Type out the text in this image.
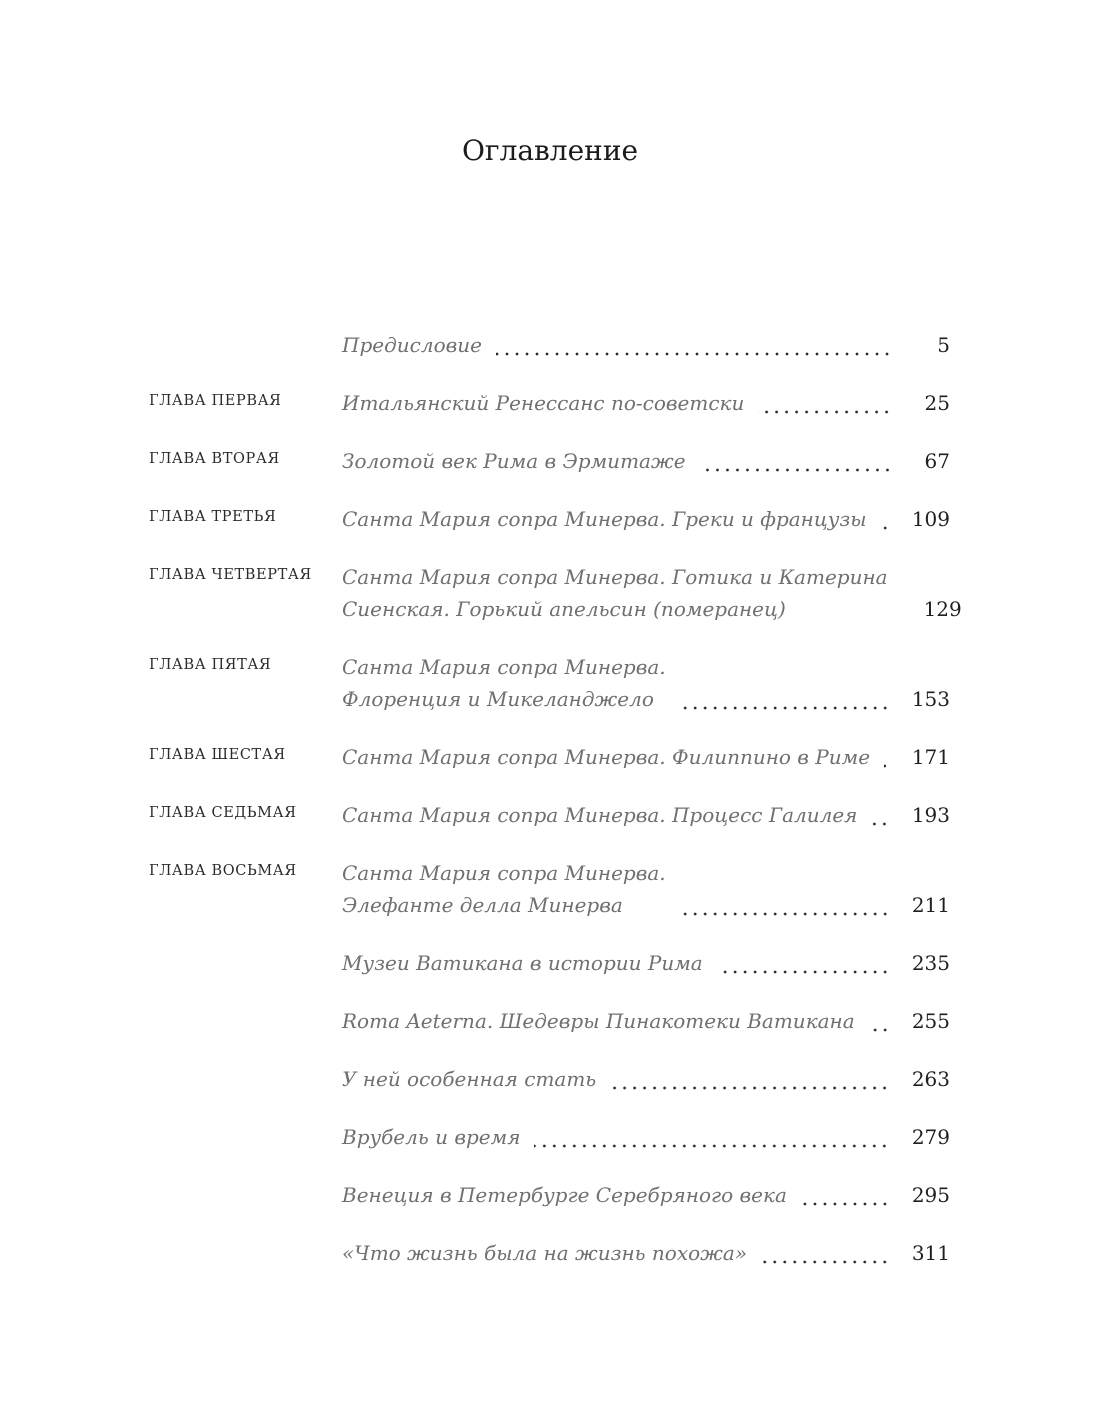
Оглавление
Предисловие	5
ГЛАВА ПЕРВАЯ	Итальянский Ренессанс по-советски	25
ГЛАВА ВТОРАЯ	Золотой век Рима в Эрмитаже	67
ГЛАВА ТРЕТЬЯ	Санта Мария сопра Минерва. Греки и французы 109
ГЛАВА ЧЕТВЕРТАЯ Санта Мария сопра Минерва. Готика и Катерина
Сиенская. Горький апельсин (померанец)	129
ГЛАВА ПЯТАЯ	Санта Мария сопра Минерва.
Флоренция и Микеланджело	153
ГЛАВА ШЕСТАЯ	Санта Мария сопра Минерва. Филиппино в Риме 171
ГЛАВА СЕДЬМАЯ Санта Мария сопра Минерва. Процесс Галилея	193
ГЛАВА ВОСЬМАЯ Санта Мария сопра Минерва.
Элефанте делла Минерва	211
Музеи Ватикана в истории Рима	235
Roma Aeterna. Шедевры Пинакотеки Ватикана	255
У ней особенная стать	263
Врубель и время	279
Венеция в Петербурге Серебряного века	295
«Что жизнь была на жизнь похожа»	311
